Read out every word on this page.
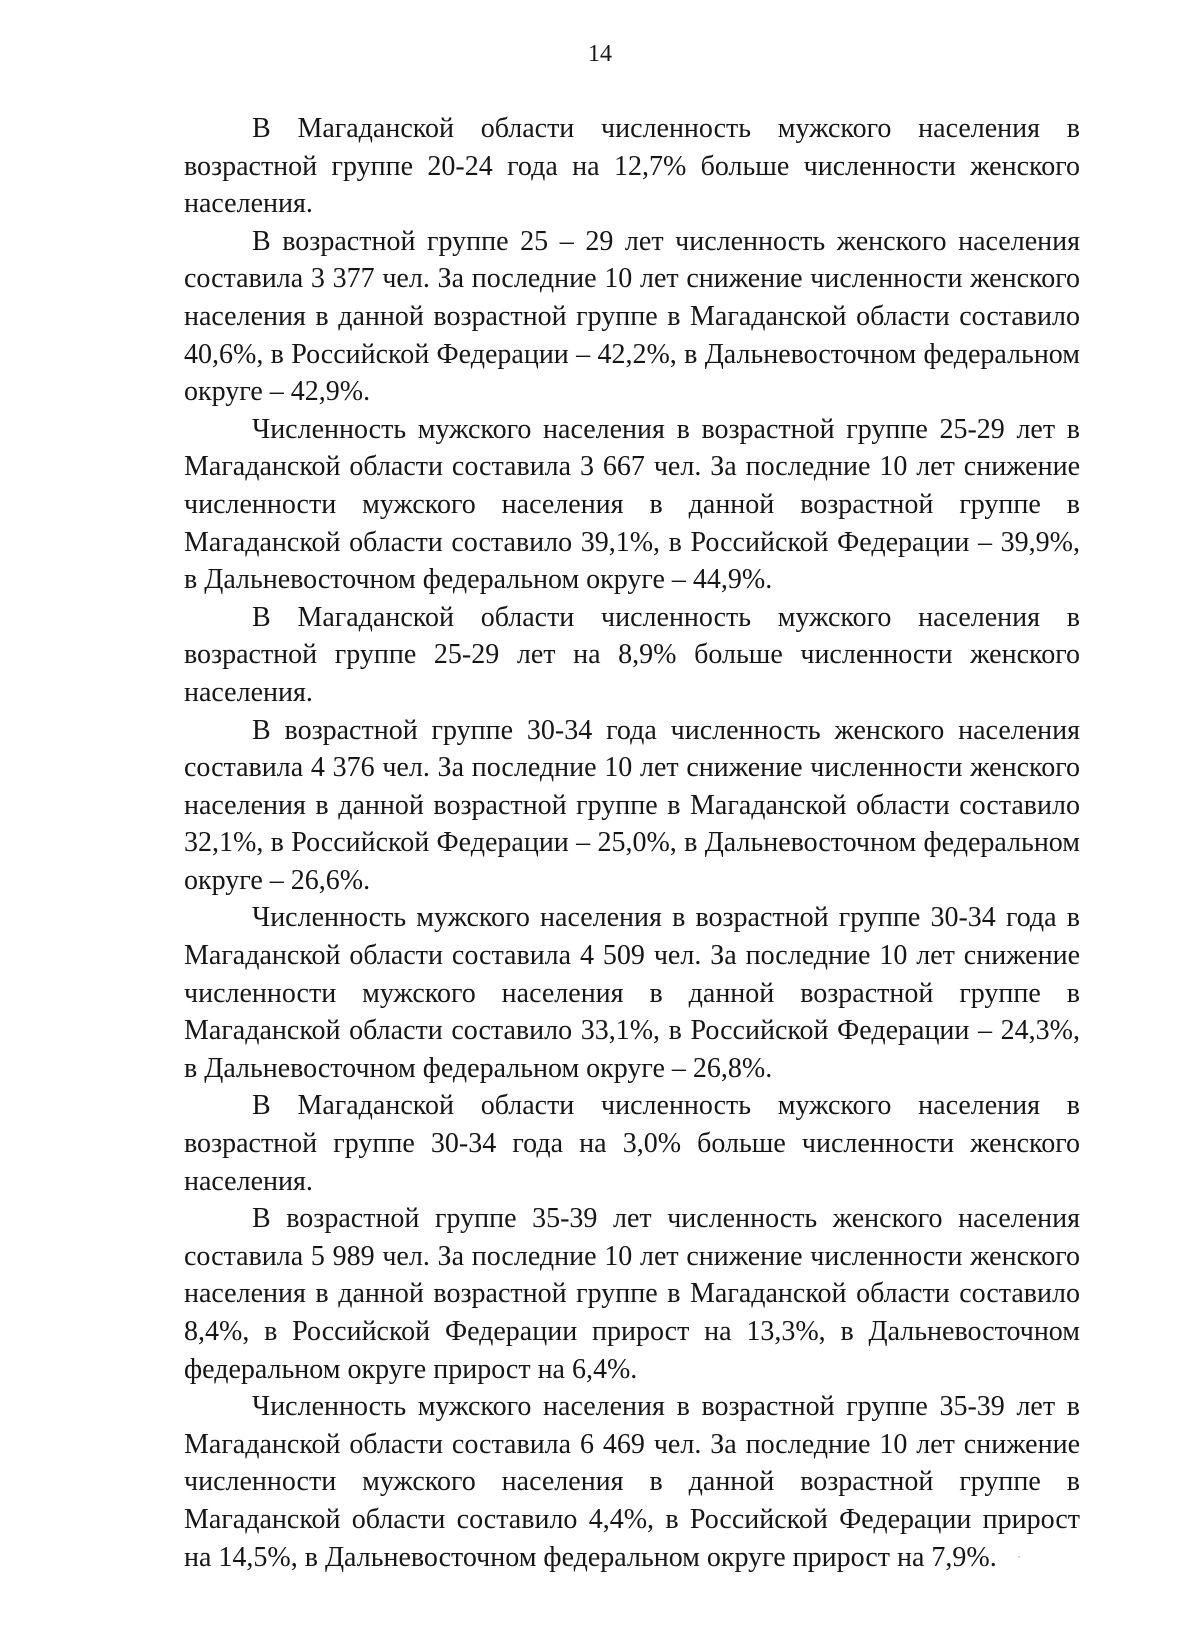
14

В Магаданской области численность мужского населения в возрастной группе 20-24 года на 12,7% больше численности женского населения.

В возрастной группе 25 – 29 лет численность женского населения составила 3 377 чел. За последние 10 лет снижение численности женского населения в данной возрастной группе в Магаданской области составило 40,6%, в Российской Федерации – 42,2%, в Дальневосточном федеральном округе – 42,9%.

Численность мужского населения в возрастной группе 25-29 лет в Магаданской области составила 3 667 чел. За последние 10 лет снижение численности мужского населения в данной возрастной группе в Магаданской области составило 39,1%, в Российской Федерации – 39,9%, в Дальневосточном федеральном округе – 44,9%.

В Магаданской области численность мужского населения в возрастной группе 25-29 лет на 8,9% больше численности женского населения.

В возрастной группе 30-34 года численность женского населения составила 4 376 чел. За последние 10 лет снижение численности женского населения в данной возрастной группе в Магаданской области составило 32,1%, в Российской Федерации – 25,0%, в Дальневосточном федеральном округе – 26,6%.

Численность мужского населения в возрастной группе 30-34 года в Магаданской области составила 4 509 чел. За последние 10 лет снижение численности мужского населения в данной возрастной группе в Магаданской области составило 33,1%, в Российской Федерации – 24,3%, в Дальневосточном федеральном округе – 26,8%.

В Магаданской области численность мужского населения в возрастной группе 30-34 года на 3,0% больше численности женского населения.

В возрастной группе 35-39 лет численность женского населения составила 5 989 чел. За последние 10 лет снижение численности женского населения в данной возрастной группе в Магаданской области составило 8,4%, в Российской Федерации прирост на 13,3%, в Дальневосточном федеральном округе прирост на 6,4%.

Численность мужского населения в возрастной группе 35-39 лет в Магаданской области составила 6 469 чел. За последние 10 лет снижение численности мужского населения в данной возрастной группе в Магаданской области составило 4,4%, в Российской Федерации прирост на 14,5%, в Дальневосточном федеральном округе прирост на 7,9%.
